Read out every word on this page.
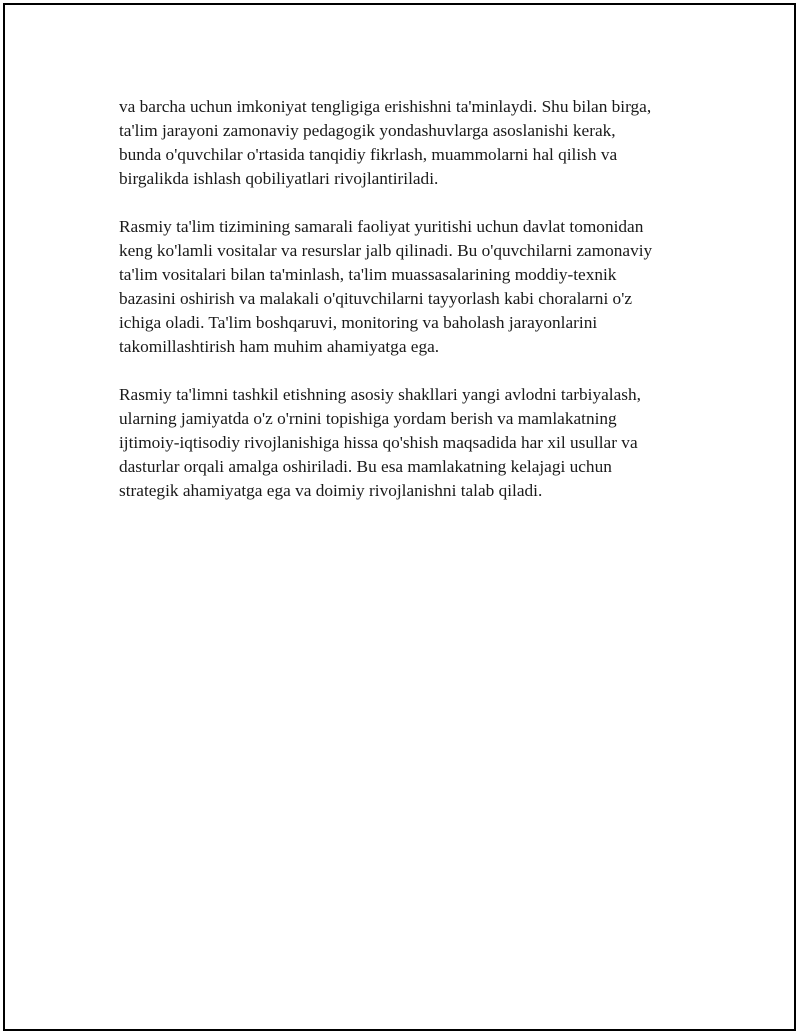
va barcha uchun imkoniyat tengligiga erishishni ta'minlaydi. Shu bilan birga,
ta'lim jarayoni zamonaviy pedagogik yondashuvlarga asoslanishi kerak,
bunda o'quvchilar o'rtasida tanqidiy fikrlash, muammolarni hal qilish va
birgalikda ishlash qobiliyatlari rivojlantiriladi.
Rasmiy ta'lim tizimining samarali faoliyat yuritishi uchun davlat tomonidan
keng ko'lamli vositalar va resurslar jalb qilinadi. Bu o'quvchilarni zamonaviy
ta'lim vositalari bilan ta'minlash, ta'lim muassasalarining moddiy-texnik
bazasini oshirish va malakali o'qituvchilarni tayyorlash kabi choralarni o'z
ichiga oladi. Ta'lim boshqaruvi, monitoring va baholash jarayonlarini
takomillashtirish ham muhim ahamiyatga ega.
Rasmiy ta'limni tashkil etishning asosiy shakllari yangi avlodni tarbiyalash,
ularning jamiyatda o'z o'rnini topishiga yordam berish va mamlakatning
ijtimoiy-iqtisodiy rivojlanishiga hissa qo'shish maqsadida har xil usullar va
dasturlar orqali amalga oshiriladi. Bu esa mamlakatning kelajagi uchun
strategik ahamiyatga ega va doimiy rivojlanishni talab qiladi.
